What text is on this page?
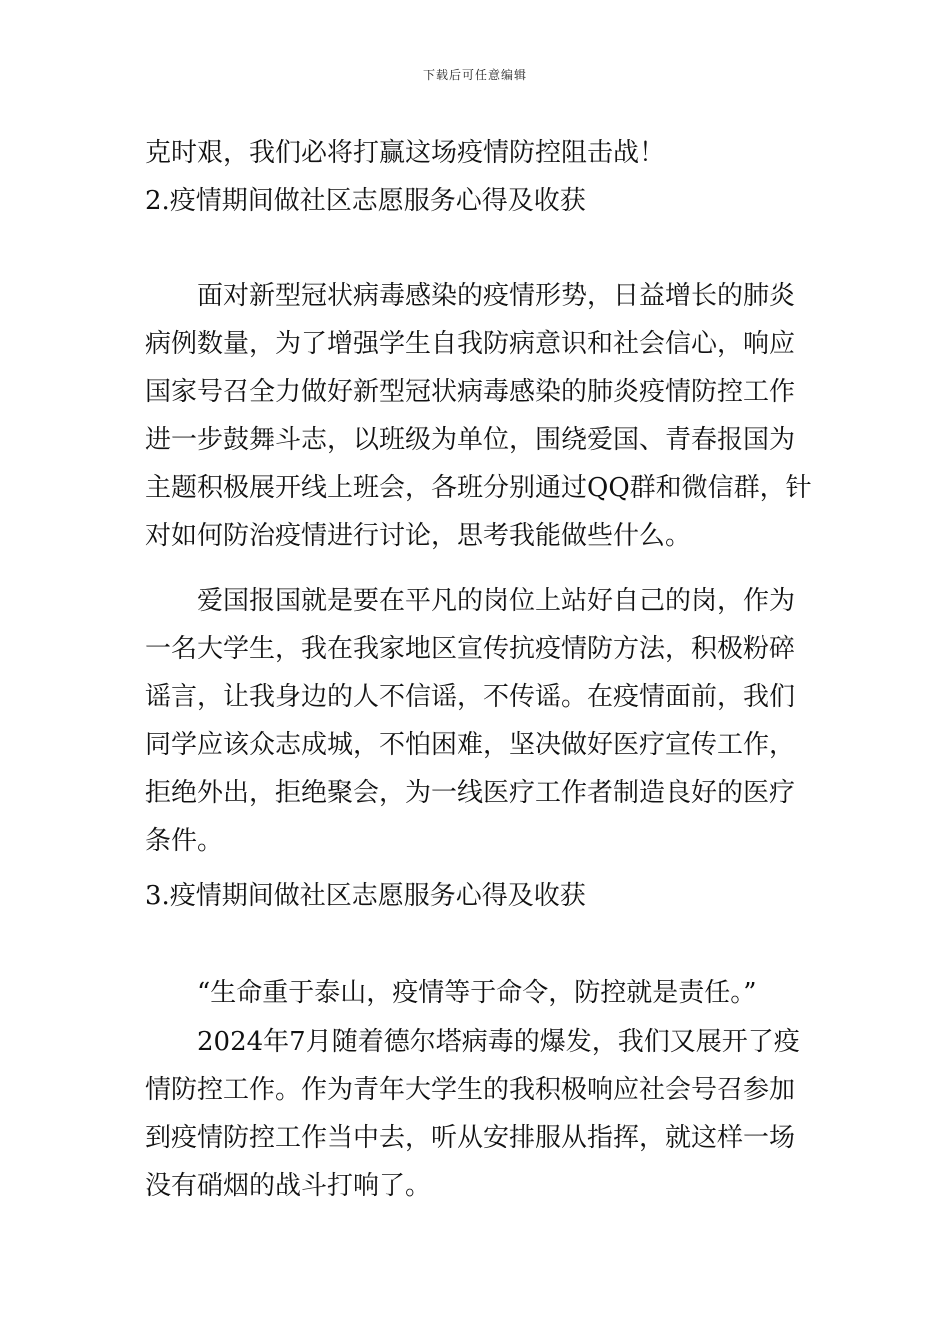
下载后可任意编辑
克时艰，我们必将打赢这场疫情防控阻击战！
2.疫情期间做社区志愿服务心得及收获
　　面对新型冠状病毒感染的疫情形势，日益增长的肺炎
病例数量，为了增强学生自我防病意识和社会信心，响应
国家号召全力做好新型冠状病毒感染的肺炎疫情防控工作
进一步鼓舞斗志，以班级为单位，围绕爱国、青春报国为
主题积极展开线上班会，各班分别通过QQ群和微信群，针
对如何防治疫情进行讨论，思考我能做些什么。
　　爱国报国就是要在平凡的岗位上站好自己的岗，作为
一名大学生，我在我家地区宣传抗疫情防方法，积极粉碎
谣言，让我身边的人不信谣，不传谣。在疫情面前，我们
同学应该众志成城，不怕困难，坚决做好医疗宣传工作，
拒绝外出，拒绝聚会，为一线医疗工作者制造良好的医疗
条件。
3.疫情期间做社区志愿服务心得及收获
　　“生命重于泰山，疫情等于命令，防控就是责任。”
　　2024年7月随着德尔塔病毒的爆发，我们又展开了疫
情防控工作。作为青年大学生的我积极响应社会号召参加
到疫情防控工作当中去，听从安排服从指挥，就这样一场
没有硝烟的战斗打响了。
